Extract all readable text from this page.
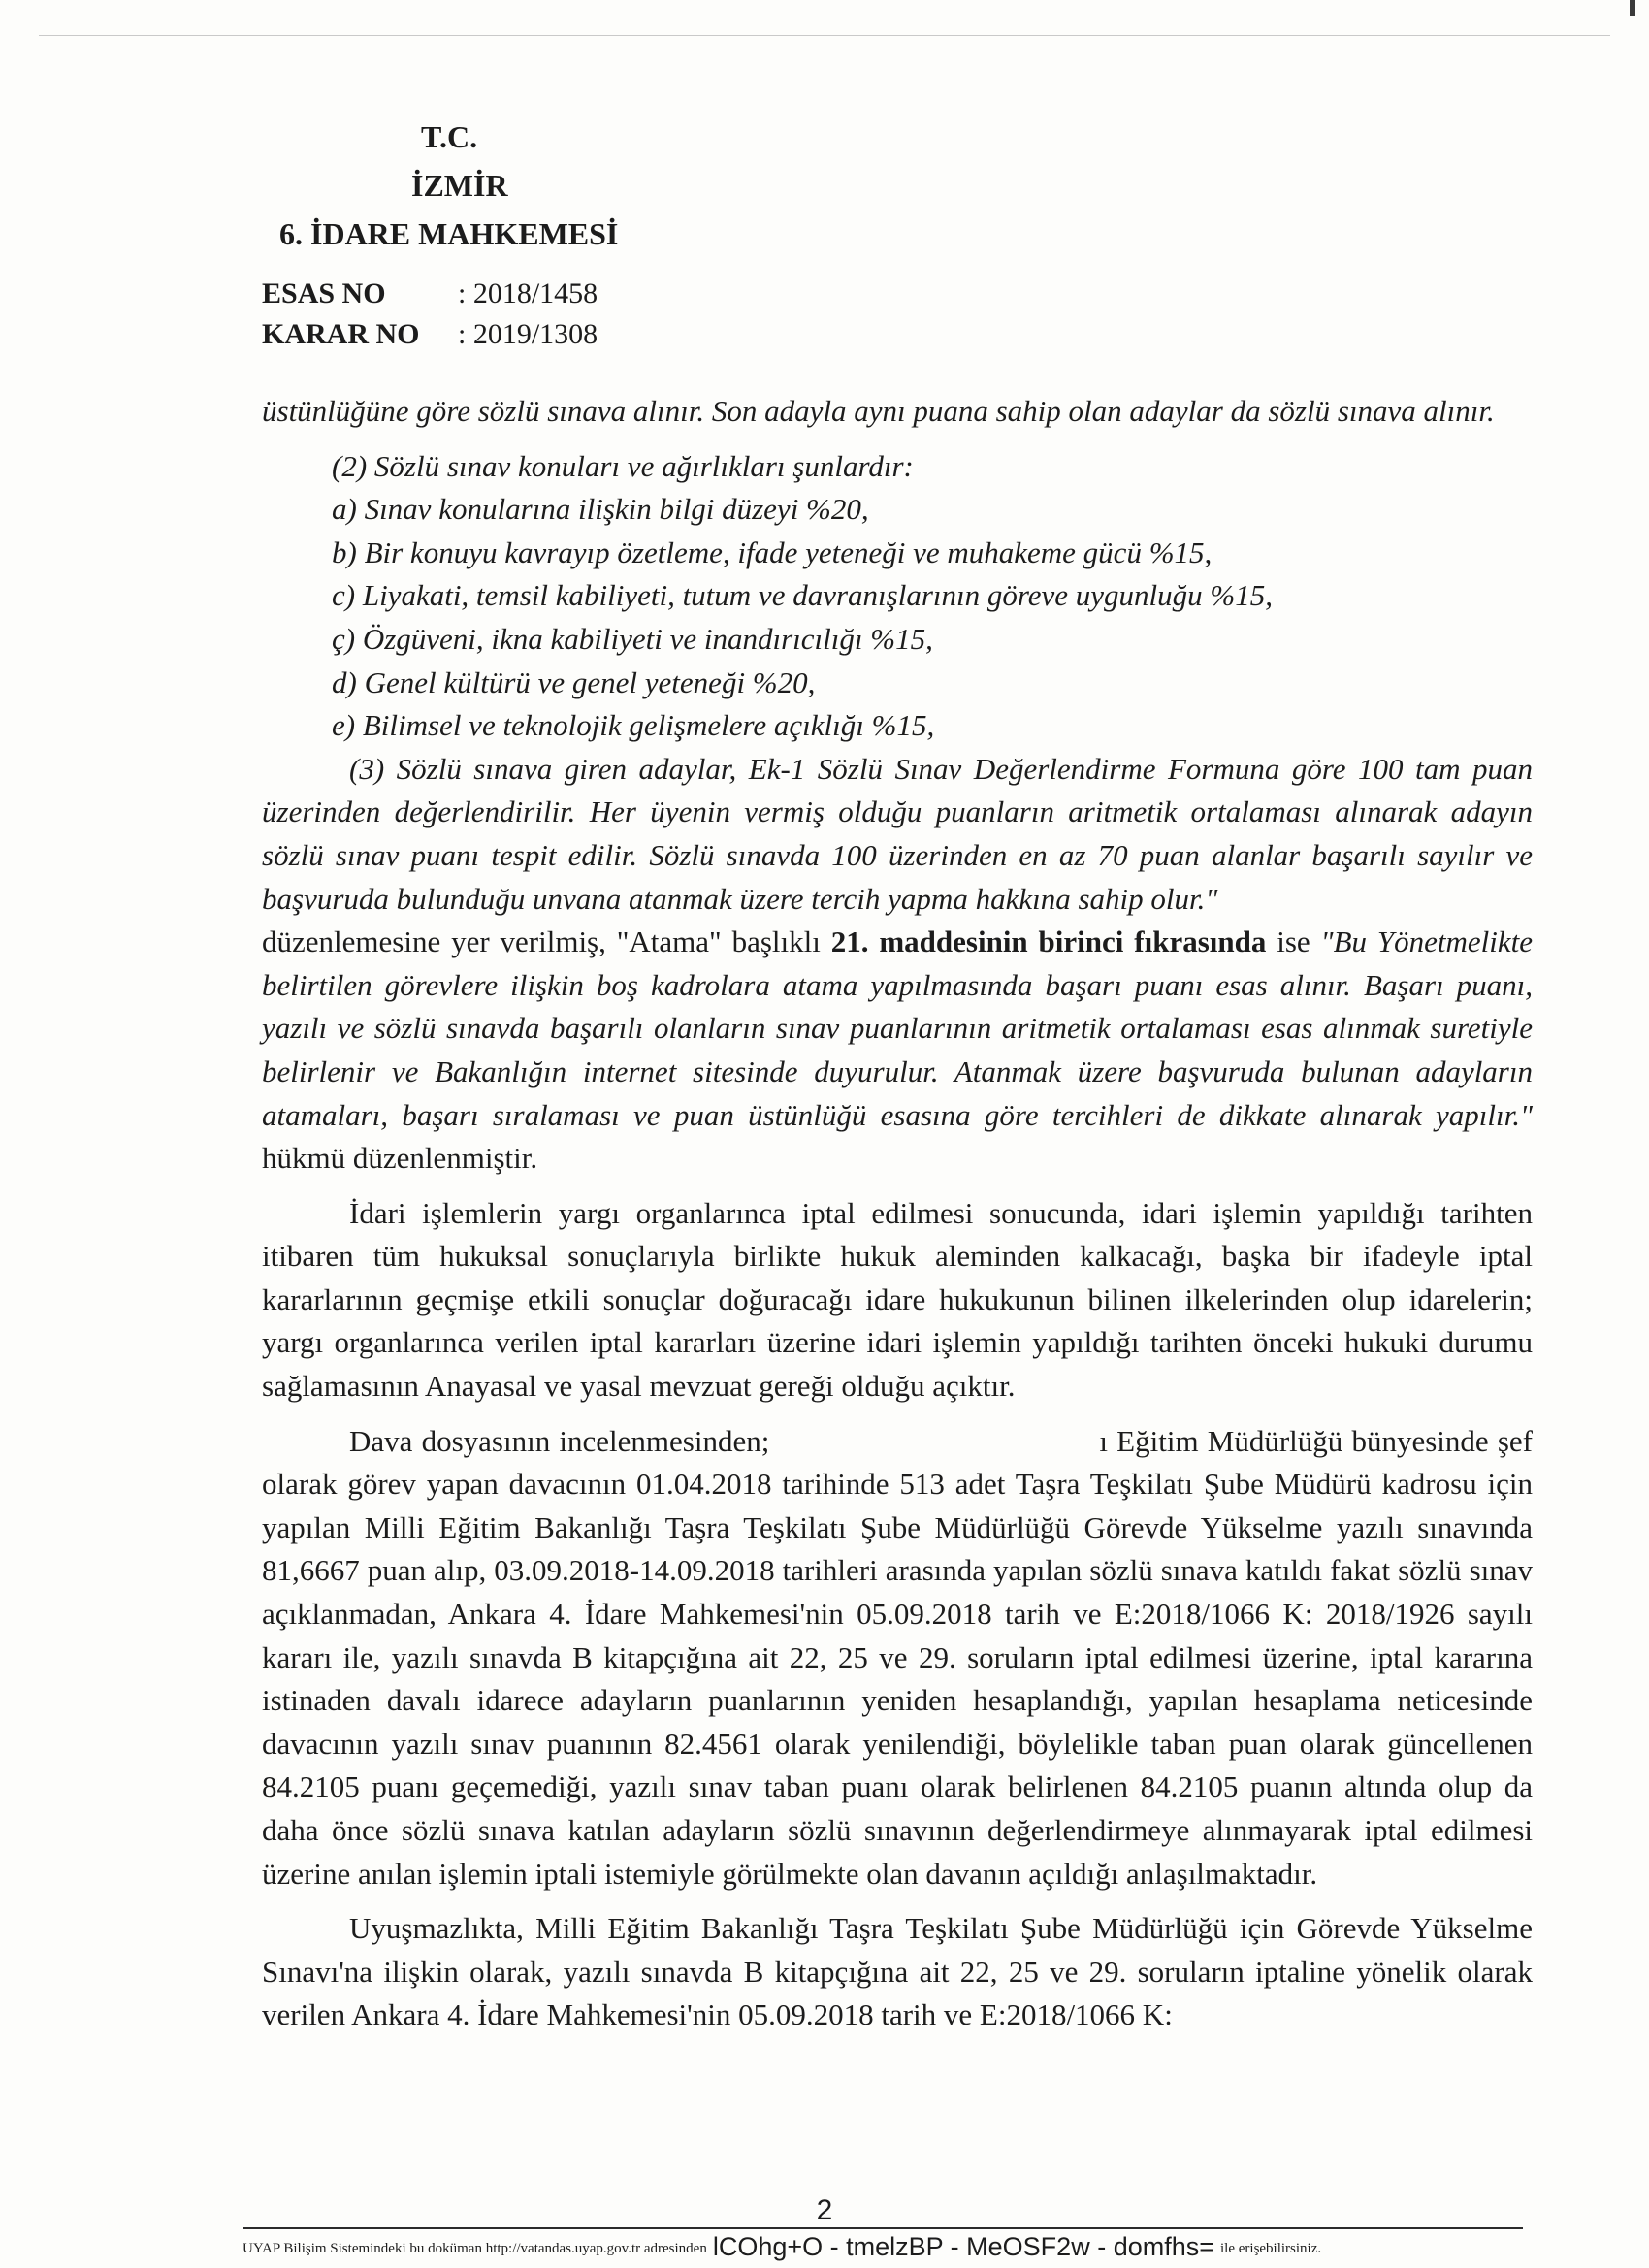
T.C.
İZMİR
6. İDARE MAHKEMESİ
ESAS NO	: 2018/1458
KARAR NO	: 2019/1308

üstünlüğüne göre sözlü sınava alınır. Son adayla aynı puana sahip olan adaylar da sözlü sınava alınır.

(2) Sözlü sınav konuları ve ağırlıkları şunlardır:

a) Sınav konularına ilişkin bilgi düzeyi %20,

b) Bir konuyu kavrayıp özetleme, ifade yeteneği ve muhakeme gücü %15,

c) Liyakati, temsil kabiliyeti, tutum ve davranışlarının göreve uygunluğu %15,

ç) Özgüveni, ikna kabiliyeti ve inandırıcılığı %15,

d) Genel kültürü ve genel yeteneği %20,

e) Bilimsel ve teknolojik gelişmelere açıklığı %15,

(3) Sözlü sınava giren adaylar, Ek-1 Sözlü Sınav Değerlendirme Formuna göre 100 tam puan üzerinden değerlendirilir. Her üyenin vermiş olduğu puanların aritmetik ortalaması alınarak adayın sözlü sınav puanı tespit edilir. Sözlü sınavda 100 üzerinden en az 70 puan alanlar başarılı sayılır ve başvuruda bulunduğu unvana atanmak üzere tercih yapma hakkına sahip olur."

düzenlemesine yer verilmiş, "Atama" başlıklı 21. maddesinin birinci fıkrasında ise "Bu Yönetmelikte belirtilen görevlere ilişkin boş kadrolara atama yapılmasında başarı puanı esas alınır. Başarı puanı, yazılı ve sözlü sınavda başarılı olanların sınav puanlarının aritmetik ortalaması esas alınmak suretiyle belirlenir ve Bakanlığın internet sitesinde duyurulur. Atanmak üzere başvuruda bulunan adayların atamaları, başarı sıralaması ve puan üstünlüğü esasına göre tercihleri de dikkate alınarak yapılır." hükmü düzenlenmiştir.

İdari işlemlerin yargı organlarınca iptal edilmesi sonucunda, idari işlemin yapıldığı tarihten itibaren tüm hukuksal sonuçlarıyla birlikte hukuk aleminden kalkacağı, başka bir ifadeyle iptal kararlarının geçmişe etkili sonuçlar doğuracağı idare hukukunun bilinen ilkelerinden olup idarelerin; yargı organlarınca verilen iptal kararları üzerine idari işlemin yapıldığı tarihten önceki hukuki durumu sağlamasının Anayasal ve yasal mevzuat gereği olduğu açıktır.

Dava dosyasının incelenmesinden;                                     ı Eğitim Müdürlüğü bünyesinde şef olarak görev yapan davacının 01.04.2018 tarihinde 513 adet Taşra Teşkilatı Şube Müdürü kadrosu için yapılan Milli Eğitim Bakanlığı Taşra Teşkilatı Şube Müdürlüğü Görevde Yükselme yazılı sınavında 81,6667 puan alıp, 03.09.2018-14.09.2018 tarihleri arasında yapılan sözlü sınava katıldı fakat sözlü sınav açıklanmadan, Ankara 4. İdare Mahkemesi'nin 05.09.2018 tarih ve E:2018/1066 K: 2018/1926 sayılı kararı ile, yazılı sınavda B kitapçığına ait 22, 25 ve 29. soruların iptal edilmesi üzerine, iptal kararına istinaden davalı idarece adayların puanlarının yeniden hesaplandığı, yapılan hesaplama neticesinde davacının yazılı sınav puanının 82.4561 olarak yenilendiği, böylelikle taban puan olarak güncellenen 84.2105 puanı geçemediği, yazılı sınav taban puanı olarak belirlenen 84.2105 puanın altında olup da daha önce sözlü sınava katılan adayların sözlü sınavının değerlendirmeye alınmayarak iptal edilmesi üzerine anılan işlemin iptali istemiyle görülmekte olan davanın açıldığı anlaşılmaktadır.

Uyuşmazlıkta, Milli Eğitim Bakanlığı Taşra Teşkilatı Şube Müdürlüğü için Görevde Yükselme Sınavı'na ilişkin olarak, yazılı sınavda B kitapçığına ait 22, 25 ve 29. soruların iptaline yönelik olarak verilen Ankara 4. İdare Mahkemesi'nin 05.09.2018 tarih ve E:2018/1066 K:

2
UYAP Bilişim Sistemindeki bu doküman http://vatandas.uyap.gov.tr adresinden lCOhg+O - tmelzBP - MeOSF2w - domfhs= ile erişebilirsiniz.
